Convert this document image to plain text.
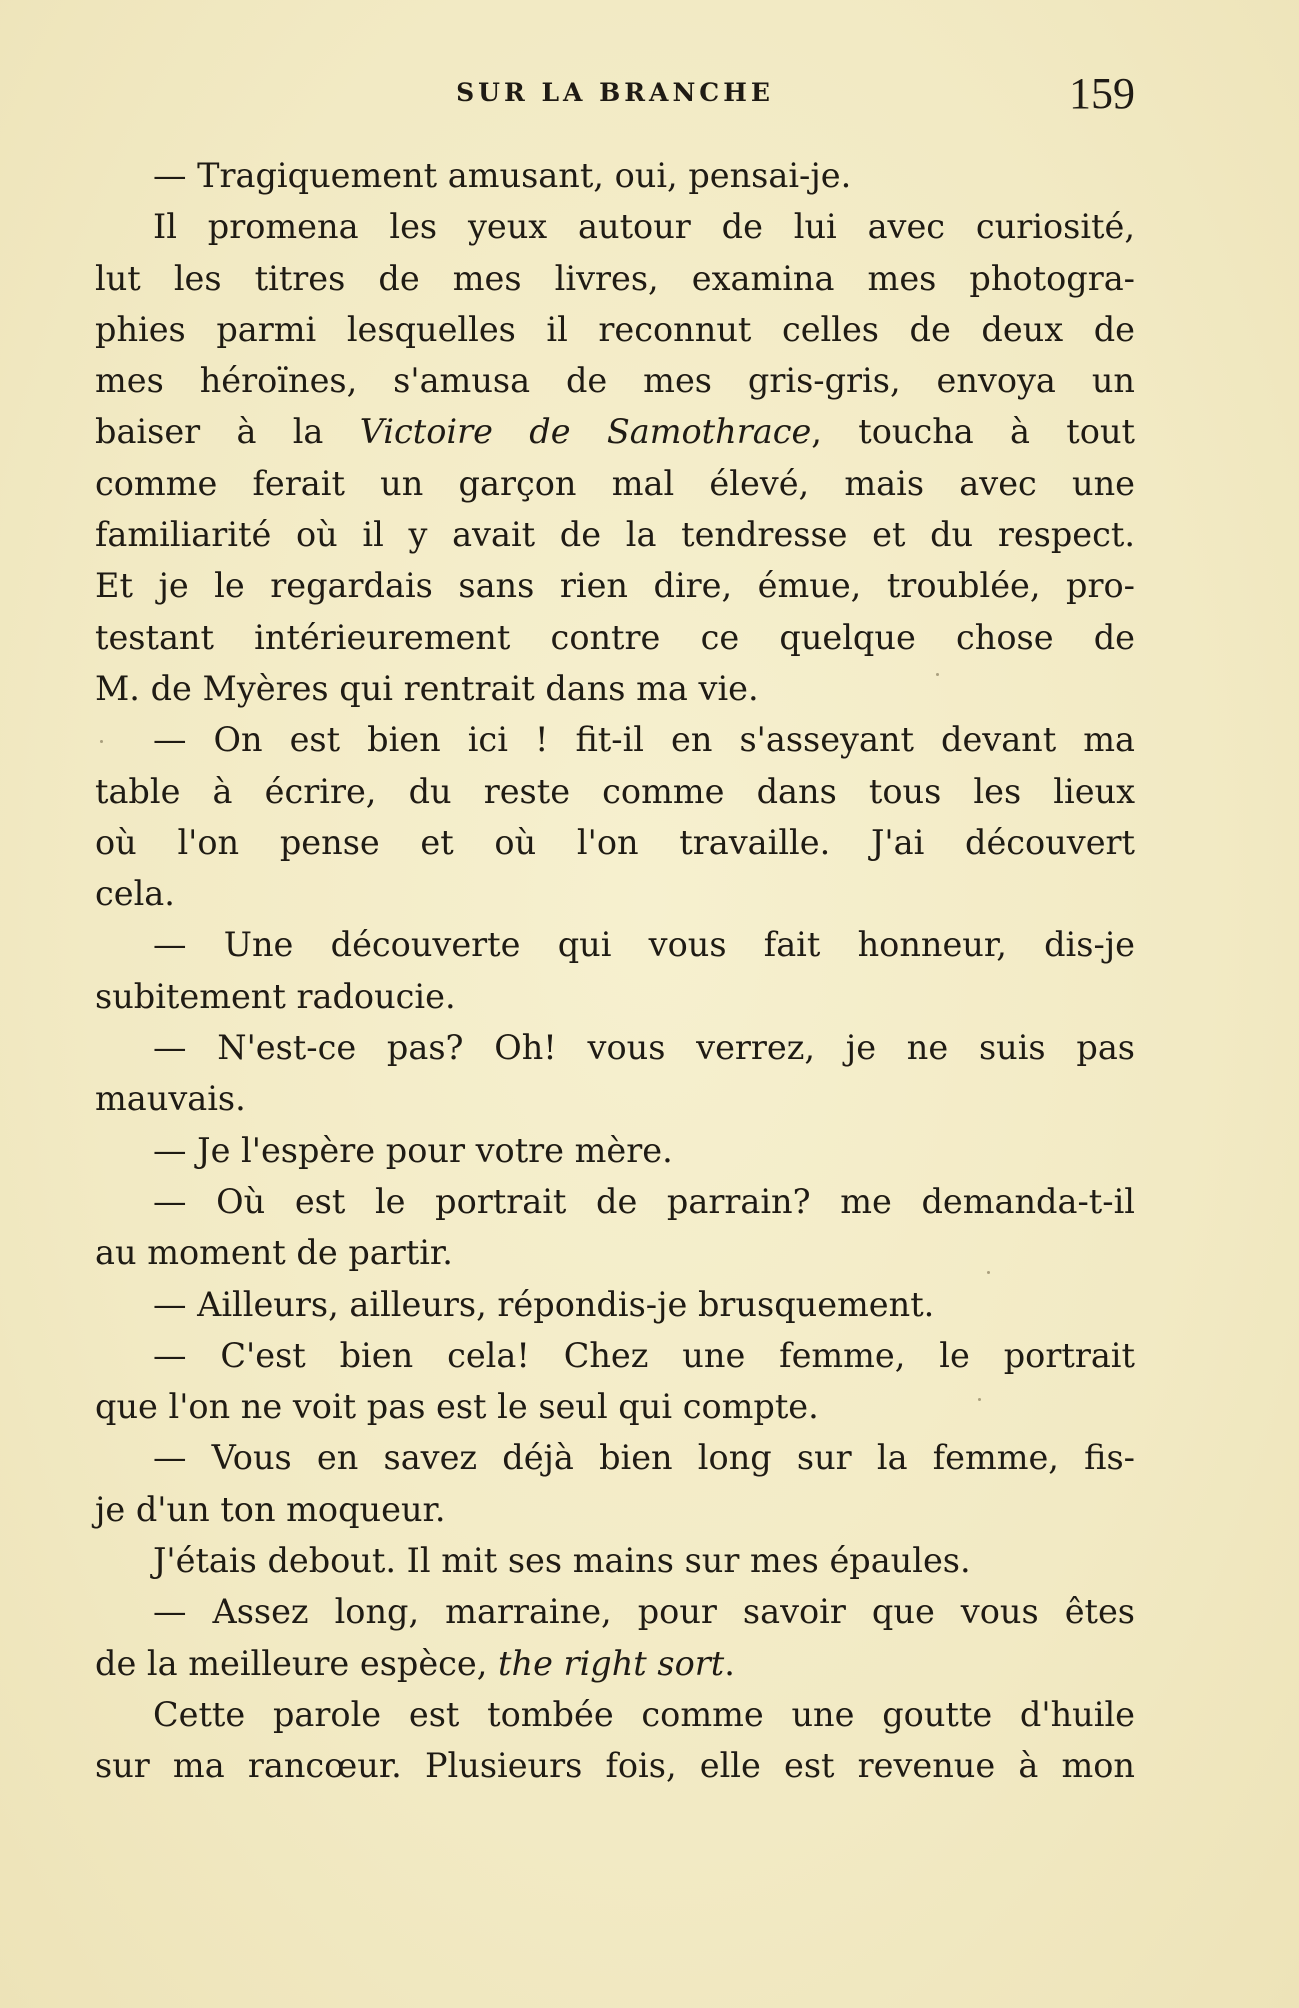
SUR LA BRANCHE	159
— Tragiquement amusant, oui, pensai-je.
Il promena les yeux autour de lui avec curiosité,
lut les titres de mes livres, examina mes photogra-
phies parmi lesquelles il reconnut celles de deux de
mes héroïnes, s'amusa de mes gris-gris, envoya un
baiser à la Victoire de Samothrace, toucha à tout
comme ferait un garçon mal élevé, mais avec une
familiarité où il y avait de la tendresse et du respect.
Et je le regardais sans rien dire, émue, troublée, pro-
testant intérieurement contre ce quelque chose de
M. de Myères qui rentrait dans ma vie.
— On est bien ici ! fit-il en s'asseyant devant ma
table à écrire, du reste comme dans tous les lieux
où l'on pense et où l'on travaille. J'ai découvert
cela.
— Une découverte qui vous fait honneur, dis-je
subitement radoucie.
— N'est-ce pas? Oh! vous verrez, je ne suis pas
mauvais.
— Je l'espère pour votre mère.
— Où est le portrait de parrain? me demanda-t-il
au moment de partir.
— Ailleurs, ailleurs, répondis-je brusquement.
— C'est bien cela! Chez une femme, le portrait
que l'on ne voit pas est le seul qui compte.
— Vous en savez déjà bien long sur la femme, fis-
je d'un ton moqueur.
J'étais debout. Il mit ses mains sur mes épaules.
— Assez long, marraine, pour savoir que vous êtes
de la meilleure espèce, the right sort.
Cette parole est tombée comme une goutte d'huile
sur ma rancœur. Plusieurs fois, elle est revenue à mon
